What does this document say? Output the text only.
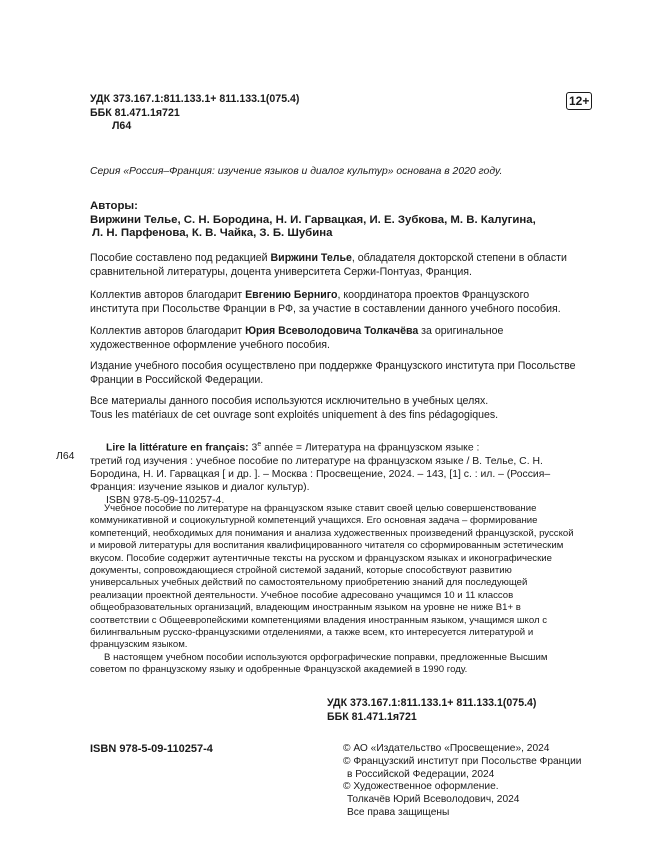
УДК 373.167.1:811.133.1+ 811.133.1(075.4)
ББК 81.471.1я721
Л64
12+
Серия «Россия–Франция: изучение языков и диалог культур» основана в 2020 году.
Авторы:
Виржини Телье, С. Н. Бородина, Н. И. Гарвацкая, И. Е. Зубкова, М. В. Калугина,
Л. Н. Парфенова, К. В. Чайка, З. Б. Шубина
Пособие составлено под редакцией Виржини Телье, обладателя докторской степени в области сравнительной литературы, доцента университета Сержи-Понтуаз, Франция.
Коллектив авторов благодарит Евгению Берниго, координатора проектов Французского института при Посольстве Франции в РФ, за участие в составлении данного учебного пособия.
Коллектив авторов благодарит Юрия Всеволодовича Толкачёва за оригинальное художественное оформление учебного пособия.
Издание учебного пособия осуществлено при поддержке Французского института при Посольстве Франции в Российской Федерации.
Все материалы данного пособия используются исключительно в учебных целях.
Tous les matériaux de cet ouvrage sont exploités uniquement à des fins pédagogiques.
Л64
Lire la littérature en français: 3e année = Литература на французском языке :
третий год изучения : учебное пособие по литературе на французском языке / В. Телье, С. Н. Бородина, Н. И. Гарвацкая [ и др. ]. – Москва : Просвещение, 2024. – 143, [1] с. : ил. – (Россия–Франция: изучение языков и диалог культур).
ISBN 978-5-09-110257-4.

Учебное пособие по литературе на французском языке ставит своей целью совершенствование коммуникативной и социокультурной компетенций учащихся. Его основная задача – формирование компетенций, необходимых для понимания и анализа художественных произведений французской, русской и мировой литературы для воспитания квалифицированного читателя со сформированным эстетическим вкусом. Пособие содержит аутентичные тексты на русском и французском языках и иконографические документы, сопровождающиеся стройной системой заданий, которые способствуют развитию универсальных учебных действий по самостоятельному приобретению знаний для последующей реализации проектной деятельности. Учебное пособие адресовано учащимся 10 и 11 классов общеобразовательных организаций, владеющим иностранным языком на уровне не ниже B1+ в соответствии с Общеевропейскими компетенциями владения иностранным языком, учащимся школ с билингвальным русско-французскими отделениями, а также всем, кто интересуется литературой и французским языком.

В настоящем учебном пособии используются орфографические поправки, предложенные Высшим советом по французскому языку и одобренные Французской академией в 1990 году.

УДК 373.167.1:811.133.1+ 811.133.1(075.4)
ББК 81.471.1я721
ISBN 978-5-09-110257-4	© АО «Издательство «Просвещение», 2024
© Французский институт при Посольстве Франции
в Российской Федерации, 2024
© Художественное оформление.
Толкачёв Юрий Всеволодович, 2024
Все права защищены
